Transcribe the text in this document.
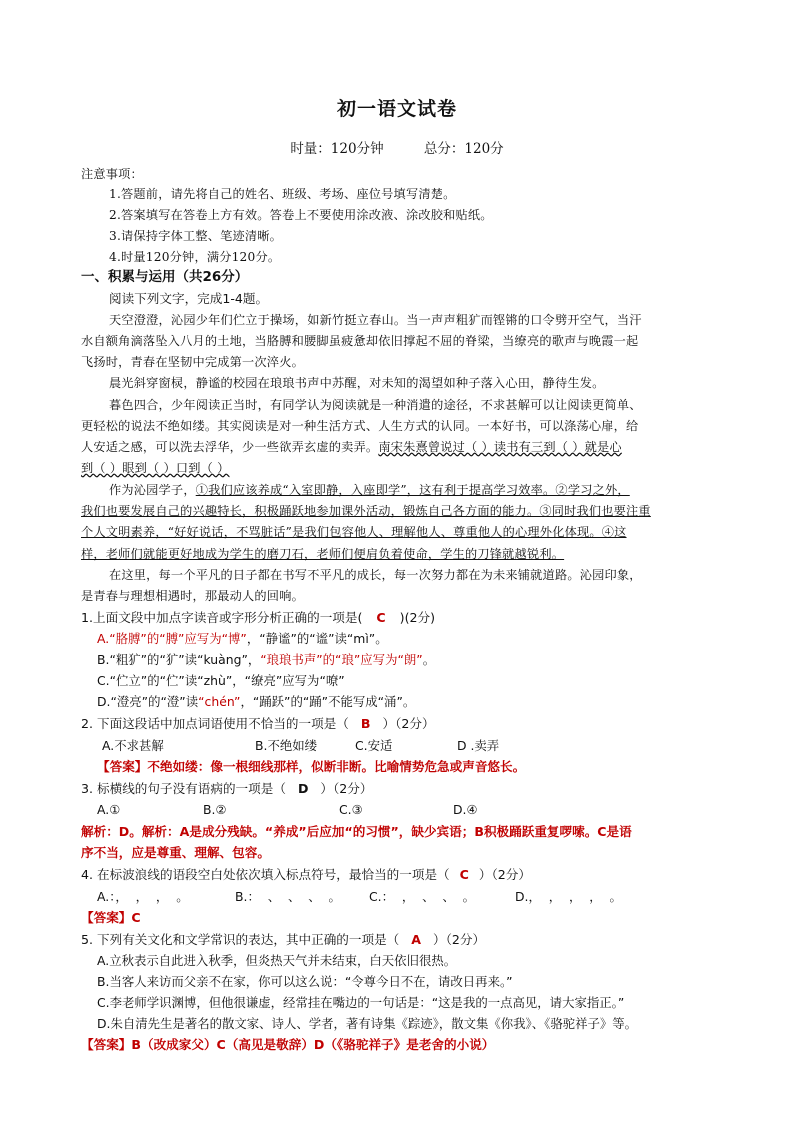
初一语文试卷
时量：120分钟	总分：120分
注意事项：
1.答题前，请先将自己的姓名、班级、考场、座位号填写清楚。
2.答案填写在答卷上方有效。答卷上不要使用涂改液、涂改胶和贴纸。
3.请保持字体工整、笔迹清晰。
4.时量120分钟，满分120分。
一、积累与运用（共26分）
阅读下列文字，完成1-4题。
天空澄澄，沁园少年们伫立于操场，如新竹挺立春山。当一声声粗犷而铿锵的口令劈开空气，当汗
水自额角滴落坠入八月的土地，当胳膊和腰脚虽疲惫却依旧撑起不屈的脊梁，当缭亮的歌声与晚霞一起
飞扬时，青春在坚韧中完成第一次淬火。
晨光斜穿窗棂，静谧的校园在琅琅书声中苏醒，对未知的渴望如种子落入心田，静待生发。
暮色四合，少年阅读正当时，有同学认为阅读就是一种消遣的途径，不求甚解可以让阅读更简单、
更轻松的说法不绝如缕。其实阅读是对一种生活方式、人生方式的认同。一本好书，可以涤荡心扉，给
人安适之感，可以洗去浮华，少一些欲弄玄虚的卖弄。南宋朱熹曾说过（ ）读书有三到（ ）就是心
到（ ）眼到（ ）口到（ ）
作为沁园学子，①我们应该养成“入室即静，入座即学”，这有利于提高学习效率。②学习之外，
我们也要发展自己的兴趣特长，积极踊跃地参加课外活动，锻炼自己各方面的能力。③同时我们也要注重
个人文明素养，“好好说话，不骂脏话”是我们包容他人、理解他人、尊重他人的心理外化体现。④这
样，老师们就能更好地成为学生的磨刀石，老师们便肩负着使命，学生的刀锋就越锐利。
在这里，每一个平凡的日子都在书写不平凡的成长，每一次努力都在为未来铺就道路。沁园印象，
是青春与理想相遇时，那最动人的回响。
1.上面文段中加点字读音或字形分析正确的一项是( C )(2分)
A.“胳膊”的“膊”应写为“博”，“静谧”的“谧”读“mì”。
B.“粗犷”的“犷”读“kuàng”，“琅琅书声”的“琅”应写为“朗”。
C.“伫立”的“伫”读“zhù”，“缭亮”应写为“嘹”
D.“澄亮”的“澄”读“chén”，“踊跃”的“踊”不能写成“涌”。
2. 下面这段话中加点词语使用不恰当的一项是（ B ）（2分）
A.不求甚解	B.不绝如缕	C.安适	D .卖弄
【答案】不绝如缕：像一根细线那样，似断非断。比喻情势危急或声音悠长。
3. 标横线的句子没有语病的一项是（ D ）（2分）
A.①	B.②	C.③	D.④
解析：D。解析：A是成分残缺。“养成”后应加“的习惯”，缺少宾语；B积极踊跃重复啰嗦。C是语
序不当，应是尊重、理解、包容。
4. 在标波浪线的语段空白处依次填入标点符号，最恰当的一项是（ C ）（2分）
A.：，  ，  ，  。	B.：  、  、  、  。 C.：  ，  、  、  。	D.，  ，  ，  ，  。
【答案】C
5. 下列有关文化和文学常识的表达，其中正确的一项是（ A ）（2分）
A.立秋表示自此进入秋季，但炎热天气并未结束，白天依旧很热。
B.当客人来访而父亲不在家，你可以这么说：“令尊今日不在，请改日再来。”
C.李老师学识渊博，但他很谦虚，经常挂在嘴边的一句话是：“这是我的一点高见，请大家指正。”
D.朱自清先生是著名的散文家、诗人、学者，著有诗集《踪迹》，散文集《你我》、《骆驼祥子》等。
【答案】B（改成家父）C（高见是敬辞）D（《骆驼祥子》是老舍的小说）
